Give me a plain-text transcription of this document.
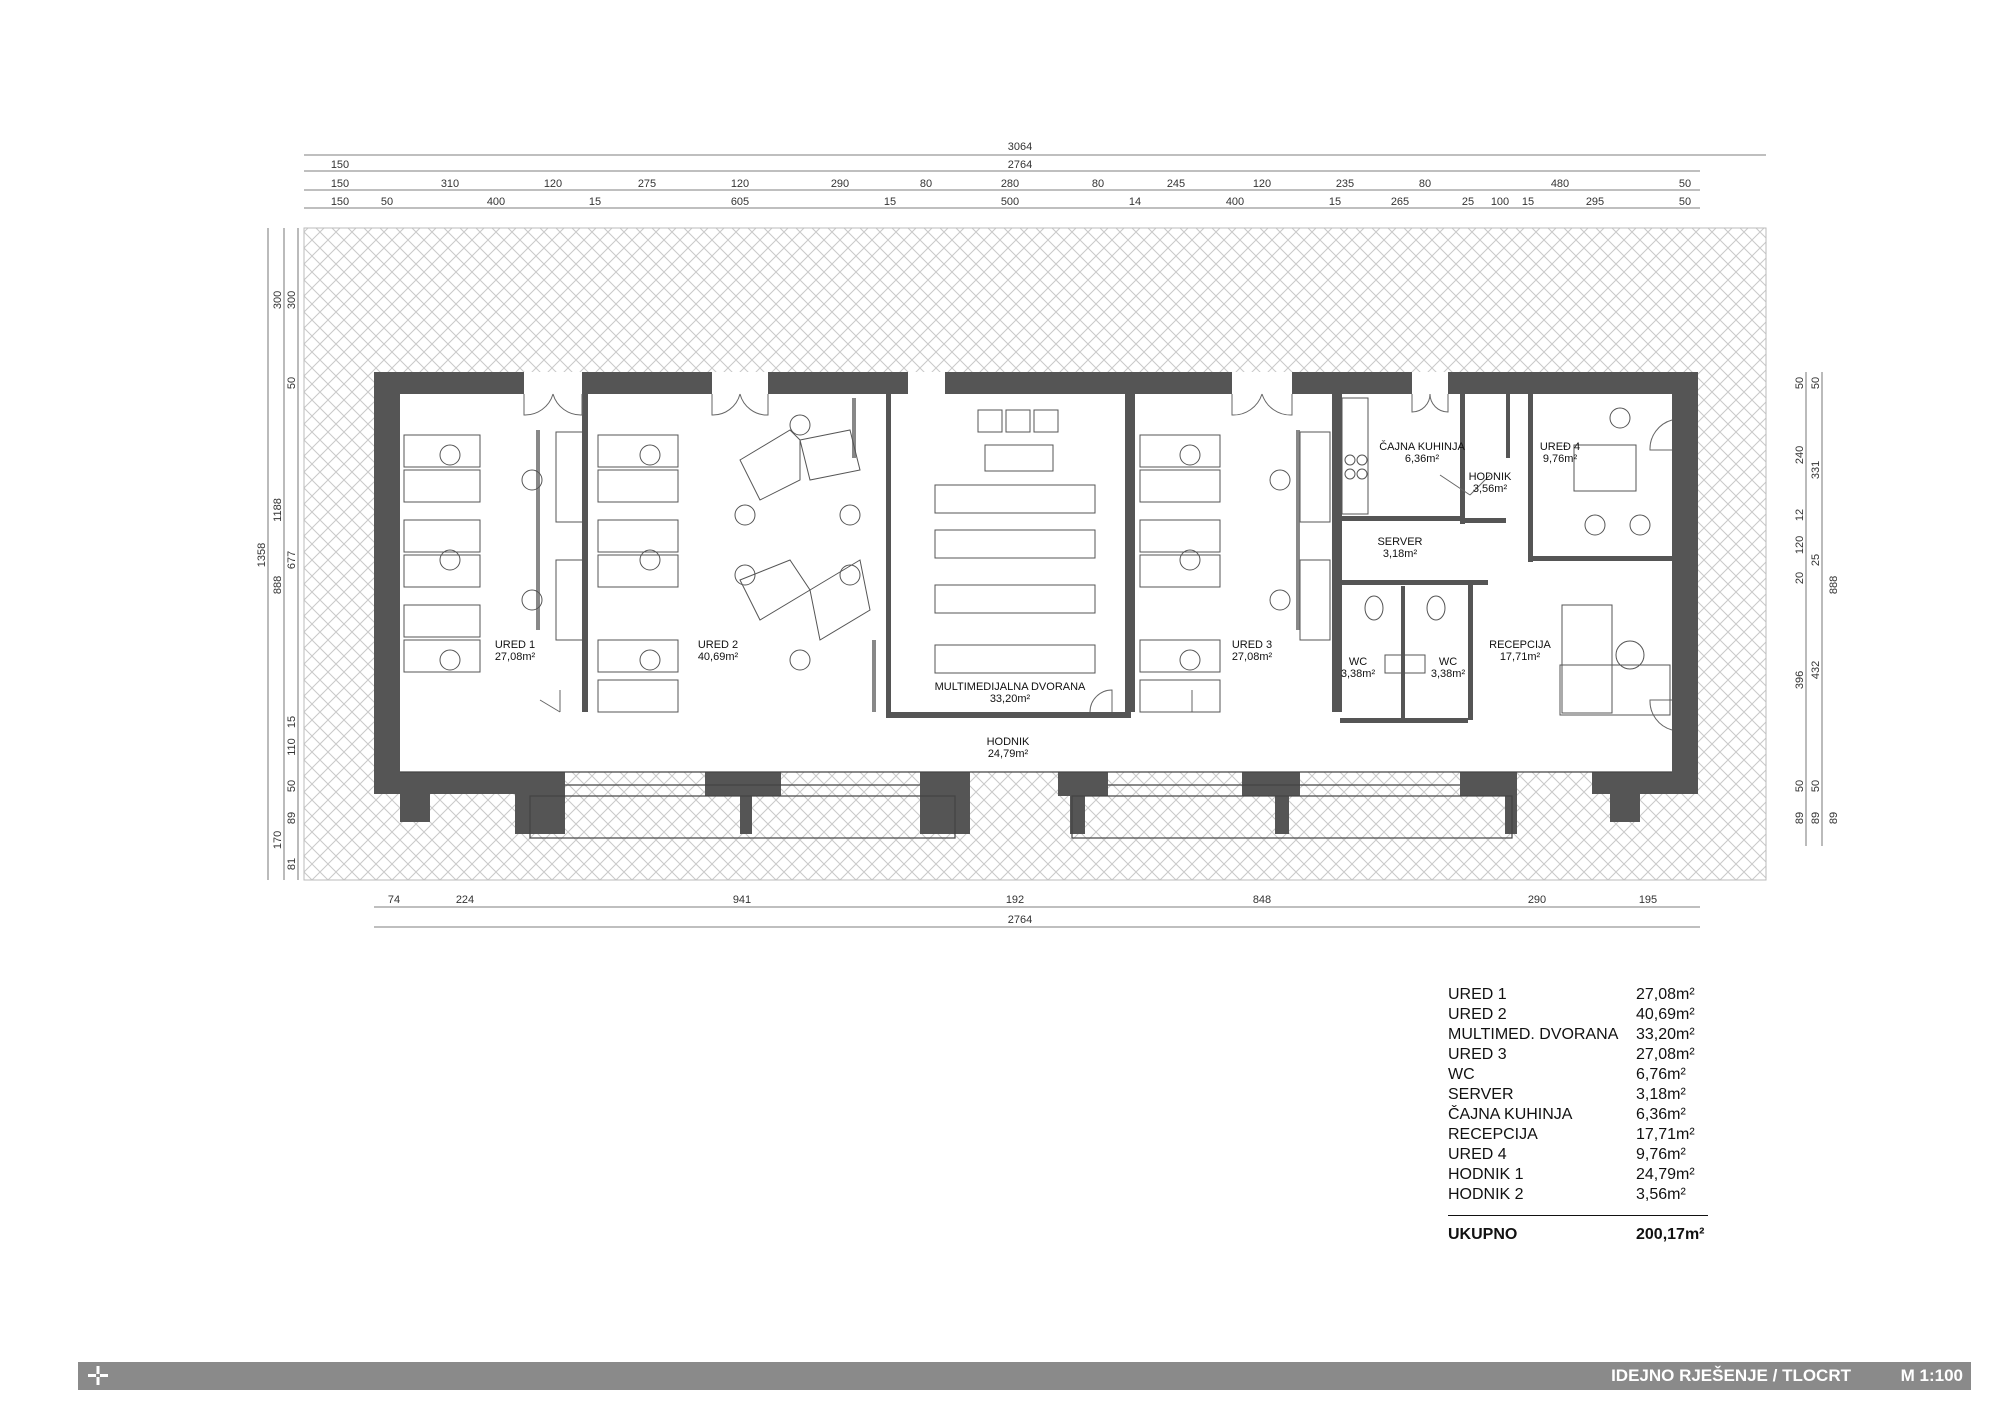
3064
150	2764
150	310	120	275	120	290	80	280	80	245	120	235	80	480	50
150	50	400	15	605	15	500	14	400	15	265	25 100 15	295	50
1358
300
1188
888
300
50
677
15
110
50
89
170
81
50
240
331
12
120
20
25
888
396
432
50
50
89 89
50
89
74	224	941	192	848	290	195
2764
URED 1
27,08m²
URED 2
40,69m²
MULTIMEDIJALNA DVORANA
33,20m²
URED 3
27,08m²
ČAJNA KUHINJA
6,36m²
HODNIK
3,56m²
UREĐ 4
9,76m²
SERVER
3,18m²
WC
3,38m²
WC
3,38m²
RECEPCIJA
17,71m²
HODNIK
24,79m²
URED 1	27,08m²
URED 2	40,69m²
MULTIMED. DVORANA 33,20m²
URED 3	27,08m²
WC	6,76m²
SERVER	3,18m²
ČAJNA KUHINJA	6,36m²
RECEPCIJA	17,71m²
URED 4	9,76m²
HODNIK 1	24,79m²
HODNIK 2	3,56m²
UKUPNO	200,17m²
IDEJNO RJEŠENJE / TLOCRT	M 1:100
